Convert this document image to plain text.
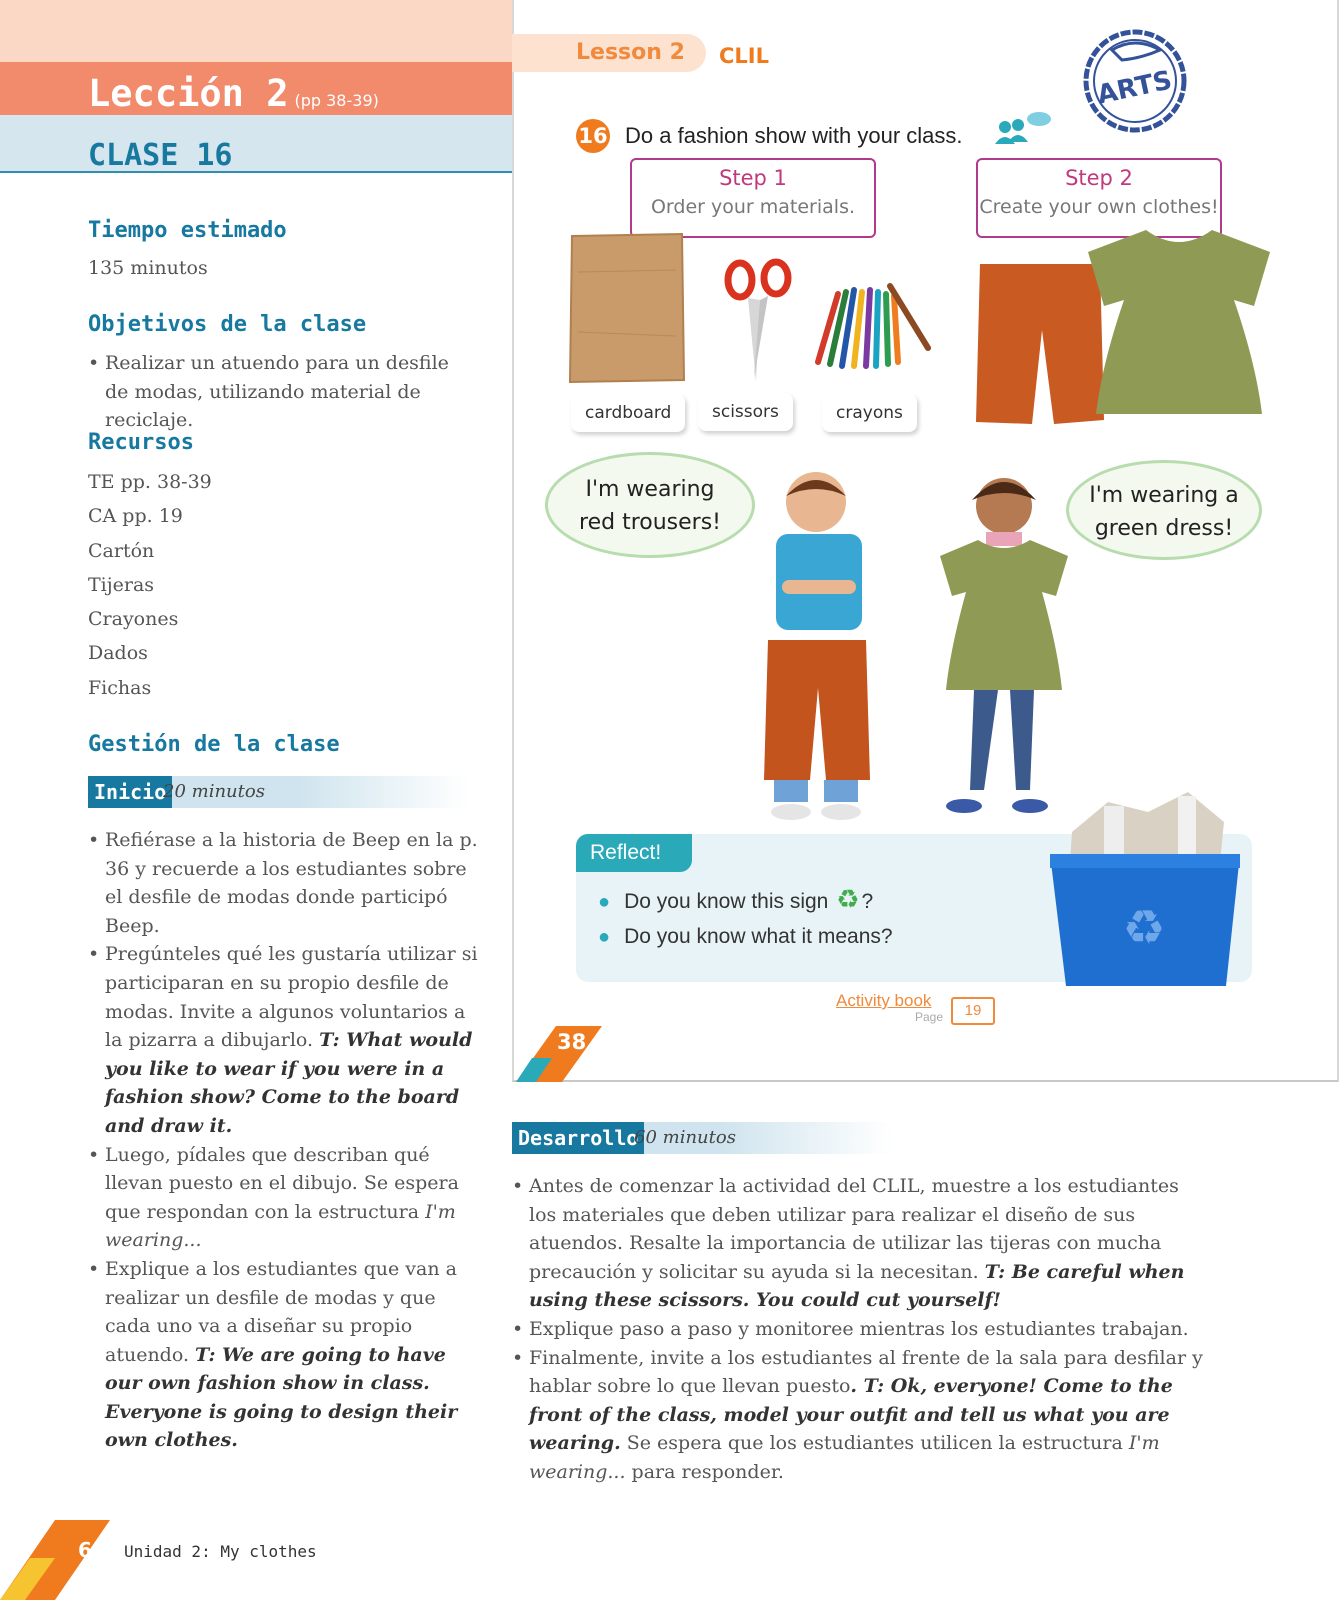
Lección 2 (pp 38-39)
CLASE 16
Tiempo estimado
135 minutos
Objetivos de la clase
• Realizar un atuendo para un desfile de modas, utilizando material de reciclaje.
Recursos
TE pp. 38-39
CA pp. 19
Cartón
Tijeras
Crayones
Dados
Fichas
Gestión de la clase
Inicio
20 minutos
• Refiérase a la historia de Beep en la p. 36 y recuerde a los estudiantes sobre el desfile de modas donde participó Beep.
• Pregúnteles qué les gustaría utilizar si participaran en su propio desfile de modas. Invite a algunos voluntarios a la pizarra a dibujarlo. T: What would you like to wear if you were in a fashion show? Come to the board and draw it.
• Luego, pídales que describan qué llevan puesto en el dibujo. Se espera que respondan con la estructura I'm wearing...
• Explique a los estudiantes que van a realizar un desfile de modas y que cada uno va a diseñar su propio atuendo. T: We are going to have our own fashion show in class. Everyone is going to design their own clothes.
64 Unidad 2: My clothes
Lesson 2 CLIL
ARTS
16 Do a fashion show with your class.
Step 1
Order your materials.
Step 2
Create your own clothes!
cardboard	scissors	crayons
I'm wearing
red trousers!
I'm wearing a
green dress!
Reflect!
● Do you know this sign ♻?
● Do you know what it means?	♻
Activity book
Page	19
38
Desarrollo
60 minutos
• Antes de comenzar la actividad del CLIL, muestre a los estudiantes los materiales que deben utilizar para realizar el diseño de sus atuendos. Resalte la importancia de utilizar las tijeras con mucha precaución y solicitar su ayuda si la necesitan. T: Be careful when using these scissors. You could cut yourself!
• Explique paso a paso y monitoree mientras los estudiantes trabajan.
• Finalmente, invite a los estudiantes al frente de la sala para desfilar y hablar sobre lo que llevan puesto. T: Ok, everyone! Come to the front of the class, model your outfit and tell us what you are wearing. Se espera que los estudiantes utilicen la estructura I'm wearing... para responder.
